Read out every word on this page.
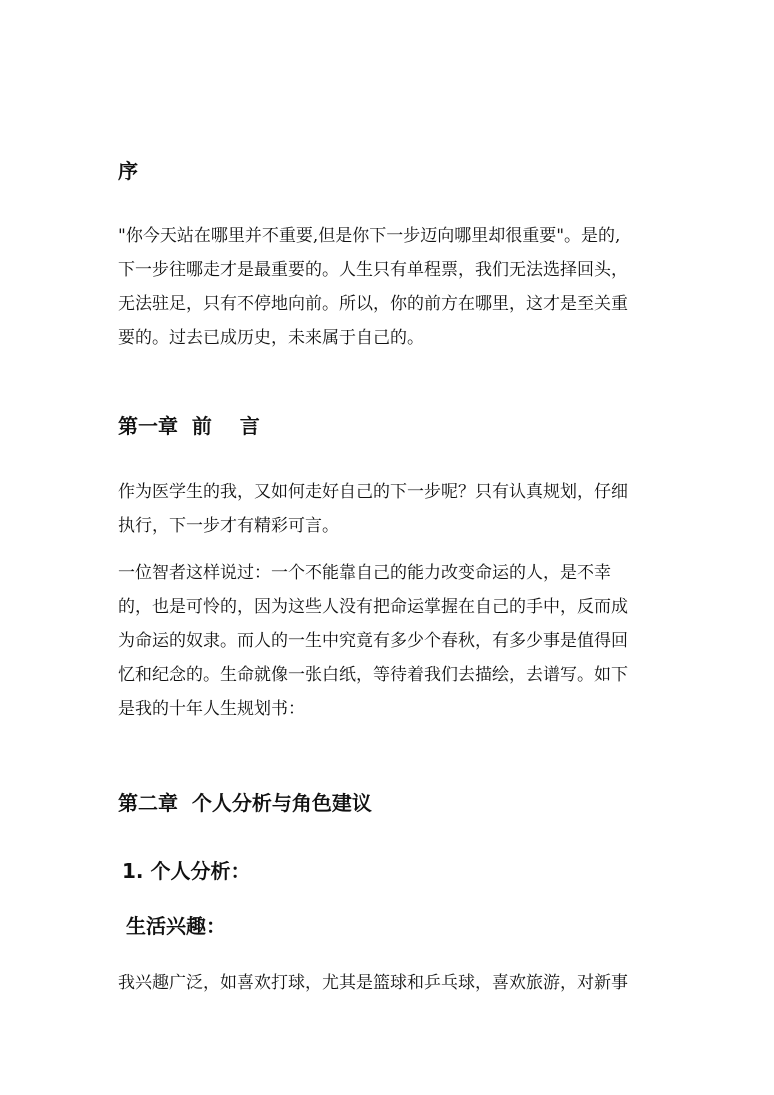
序
"你今天站在哪里并不重要,但是你下一步迈向哪里却很重要"。是的,
下一步往哪走才是最重要的。人生只有单程票，我们无法选择回头，
无法驻足，只有不停地向前。所以，你的前方在哪里，这才是至关重
要的。过去已成历史，未来属于自己的。
第一章  前    言
作为医学生的我，又如何走好自己的下一步呢？只有认真规划，仔细
执行，下一步才有精彩可言。
一位智者这样说过：一个不能靠自己的能力改变命运的人，是不幸
的，也是可怜的，因为这些人没有把命运掌握在自己的手中，反而成
为命运的奴隶。而人的一生中究竟有多少个春秋，有多少事是值得回
忆和纪念的。生命就像一张白纸，等待着我们去描绘，去谱写。如下
是我的十年人生规划书：
第二章  个人分析与角色建议
1. 个人分析：
生活兴趣：
我兴趣广泛，如喜欢打球，尤其是篮球和乒乓球，喜欢旅游，对新事
